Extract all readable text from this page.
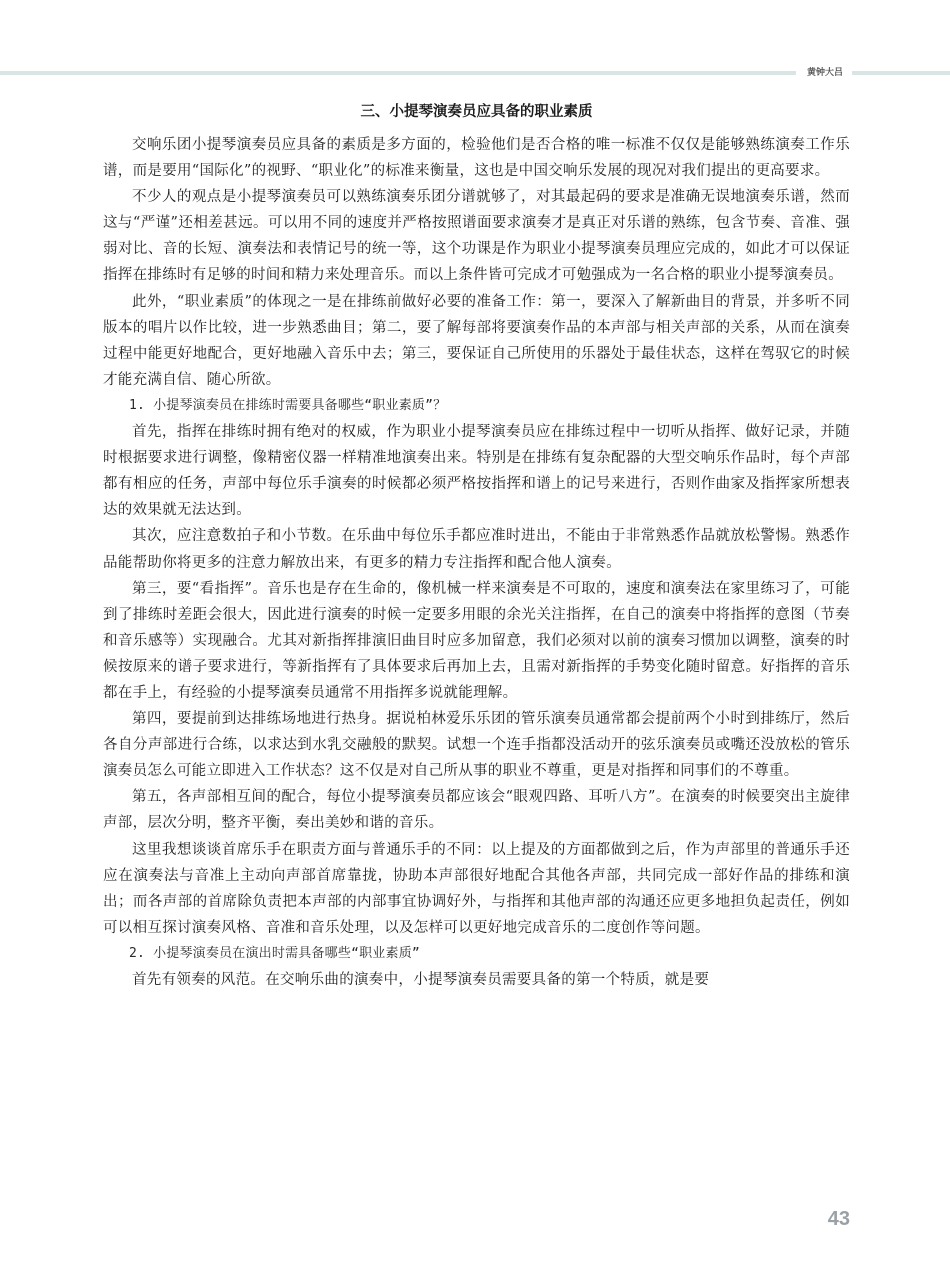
黄钟大吕
三、小提琴演奏员应具备的职业素质

交响乐团小提琴演奏员应具备的素质是多方面的，检验他们是否合格的唯一标准不仅仅是能够熟练演奏工作乐谱，而是要用“国际化”的视野、“职业化”的标准来衡量，这也是中国交响乐发展的现况对我们提出的更高要求。

不少人的观点是小提琴演奏员可以熟练演奏乐团分谱就够了，对其最起码的要求是准确无误地演奏乐谱，然而这与“严谨”还相差甚远。可以用不同的速度并严格按照谱面要求演奏才是真正对乐谱的熟练，包含节奏、音准、强弱对比、音的长短、演奏法和表情记号的统一等，这个功课是作为职业小提琴演奏员理应完成的，如此才可以保证指挥在排练时有足够的时间和精力来处理音乐。而以上条件皆可完成才可勉强成为一名合格的职业小提琴演奏员。

此外，“职业素质”的体现之一是在排练前做好必要的准备工作：第一，要深入了解新曲目的背景，并多听不同版本的唱片以作比较，进一步熟悉曲目；第二，要了解每部将要演奏作品的本声部与相关声部的关系，从而在演奏过程中能更好地配合，更好地融入音乐中去；第三，要保证自己所使用的乐器处于最佳状态，这样在驾驭它的时候才能充满自信、随心所欲。

1. 小提琴演奏员在排练时需要具备哪些“职业素质”？

首先，指挥在排练时拥有绝对的权威，作为职业小提琴演奏员应在排练过程中一切听从指挥、做好记录，并随时根据要求进行调整，像精密仪器一样精准地演奏出来。特别是在排练有复杂配器的大型交响乐作品时，每个声部都有相应的任务，声部中每位乐手演奏的时候都必须严格按指挥和谱上的记号来进行，否则作曲家及指挥家所想表达的效果就无法达到。

其次，应注意数拍子和小节数。在乐曲中每位乐手都应准时进出，不能由于非常熟悉作品就放松警惕。熟悉作品能帮助你将更多的注意力解放出来，有更多的精力专注指挥和配合他人演奏。

第三，要“看指挥”。音乐也是存在生命的，像机械一样来演奏是不可取的，速度和演奏法在家里练习了，可能到了排练时差距会很大，因此进行演奏的时候一定要多用眼的余光关注指挥，在自己的演奏中将指挥的意图（节奏和音乐感等）实现融合。尤其对新指挥排演旧曲目时应多加留意，我们必须对以前的演奏习惯加以调整，演奏的时候按原来的谱子要求进行，等新指挥有了具体要求后再加上去，且需对新指挥的手势变化随时留意。好指挥的音乐都在手上，有经验的小提琴演奏员通常不用指挥多说就能理解。

第四，要提前到达排练场地进行热身。据说柏林爱乐乐团的管乐演奏员通常都会提前两个小时到排练厅，然后各自分声部进行合练，以求达到水乳交融般的默契。试想一个连手指都没活动开的弦乐演奏员或嘴还没放松的管乐演奏员怎么可能立即进入工作状态？这不仅是对自己所从事的职业不尊重，更是对指挥和同事们的不尊重。

第五，各声部相互间的配合，每位小提琴演奏员都应该会“眼观四路、耳听八方”。在演奏的时候要突出主旋律声部，层次分明，整齐平衡，奏出美妙和谐的音乐。

这里我想谈谈首席乐手在职责方面与普通乐手的不同：以上提及的方面都做到之后，作为声部里的普通乐手还应在演奏法与音准上主动向声部首席靠拢，协助本声部很好地配合其他各声部，共同完成一部好作品的排练和演出；而各声部的首席除负责把本声部的内部事宜协调好外，与指挥和其他声部的沟通还应更多地担负起责任，例如可以相互探讨演奏风格、音准和音乐处理，以及怎样可以更好地完成音乐的二度创作等问题。

2. 小提琴演奏员在演出时需具备哪些“职业素质”

首先有领奏的风范。在交响乐曲的演奏中，小提琴演奏员需要具备的第一个特质，就是要

43
